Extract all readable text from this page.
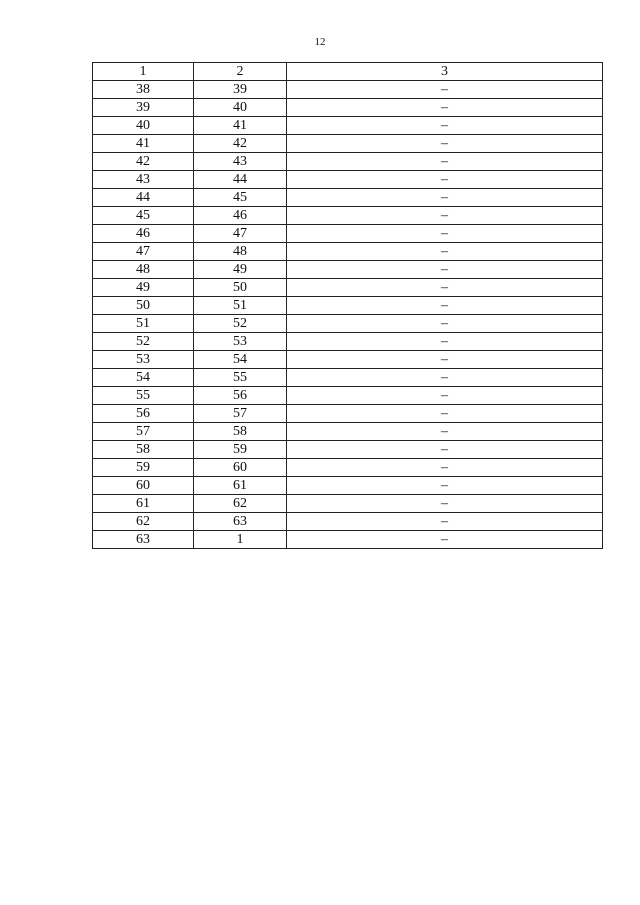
12
1	2	3
38	39	–
39	40	–
40	41	–
41	42	–
42	43	–
43	44	–
44	45	–
45	46	–
46	47	–
47	48	–
48	49	–
49	50	–
50	51	–
51	52	–
52	53	–
53	54	–
54	55	–
55	56	–
56	57	–
57	58	–
58	59	–
59	60	–
60	61	–
61	62	–
62	63	–
63	1	–
